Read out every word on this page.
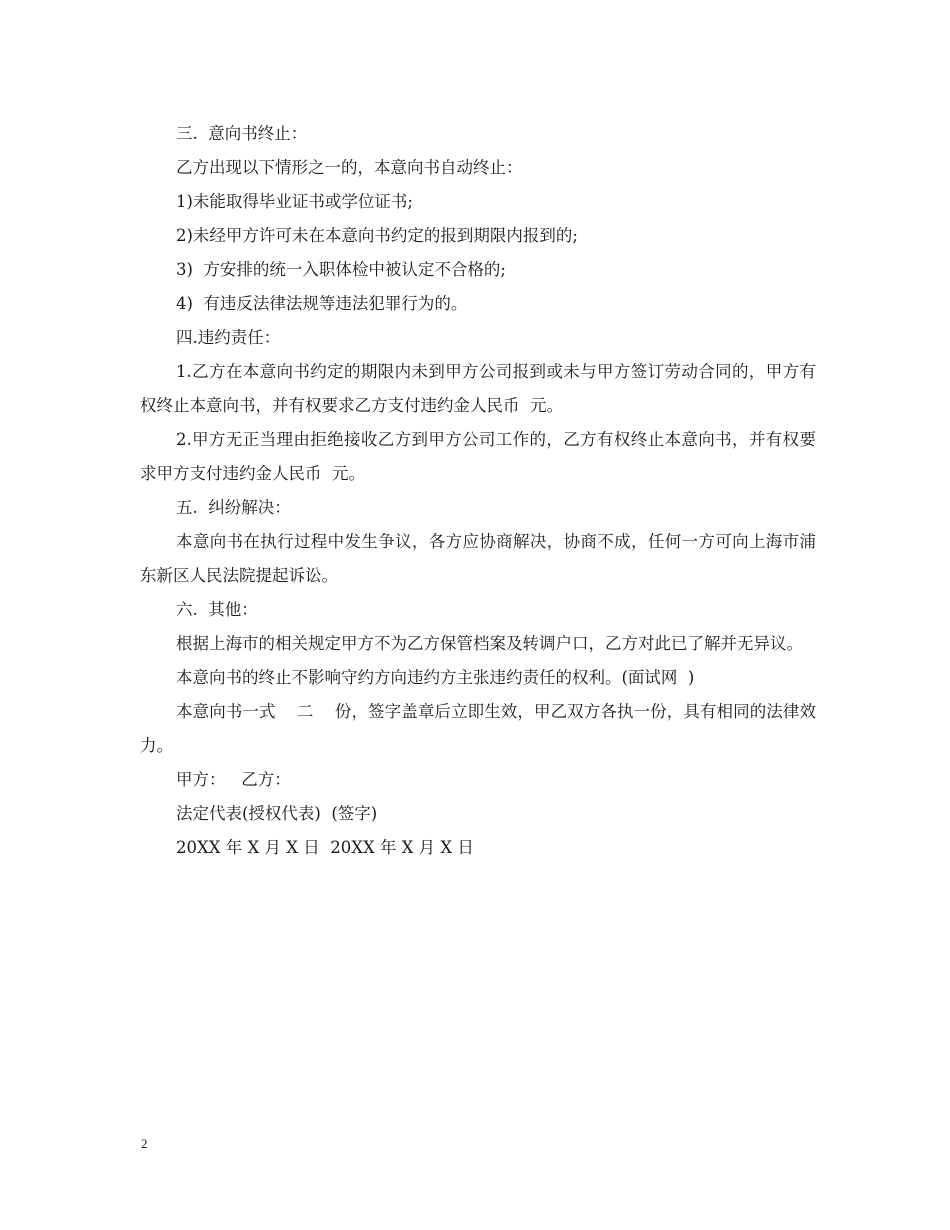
三.  意向书终止：

乙方出现以下情形之一的，本意向书自动终止：

1)未能取得毕业证书或学位证书;

2)未经甲方许可未在本意向书约定的报到期限内报到的;

3)  方安排的统一入职体检中被认定不合格的;

4)  有违反法律法规等违法犯罪行为的。

四.违约责任：

1.乙方在本意向书约定的期限内未到甲方公司报到或未与甲方签订劳动合同的，甲方有权终止本意向书，并有权要求乙方支付违约金人民币  元。

2.甲方无正当理由拒绝接收乙方到甲方公司工作的，乙方有权终止本意向书，并有权要求甲方支付违约金人民币  元。

五.  纠纷解决：

本意向书在执行过程中发生争议，各方应协商解决，协商不成，任何一方可向上海市浦东新区人民法院提起诉讼。

六.  其他：

根据上海市的相关规定甲方不为乙方保管档案及转调户口，乙方对此已了解并无异议。

本意向书的终止不影响守约方向违约方主张违约责任的权利。(面试网  )

本意向书一式    二    份，签字盖章后立即生效，甲乙双方各执一份，具有相同的法律效力。

甲方：   乙方：

法定代表(授权代表)  (签字)

20XX 年 X 月 X 日  20XX 年 X 月 X 日

2
